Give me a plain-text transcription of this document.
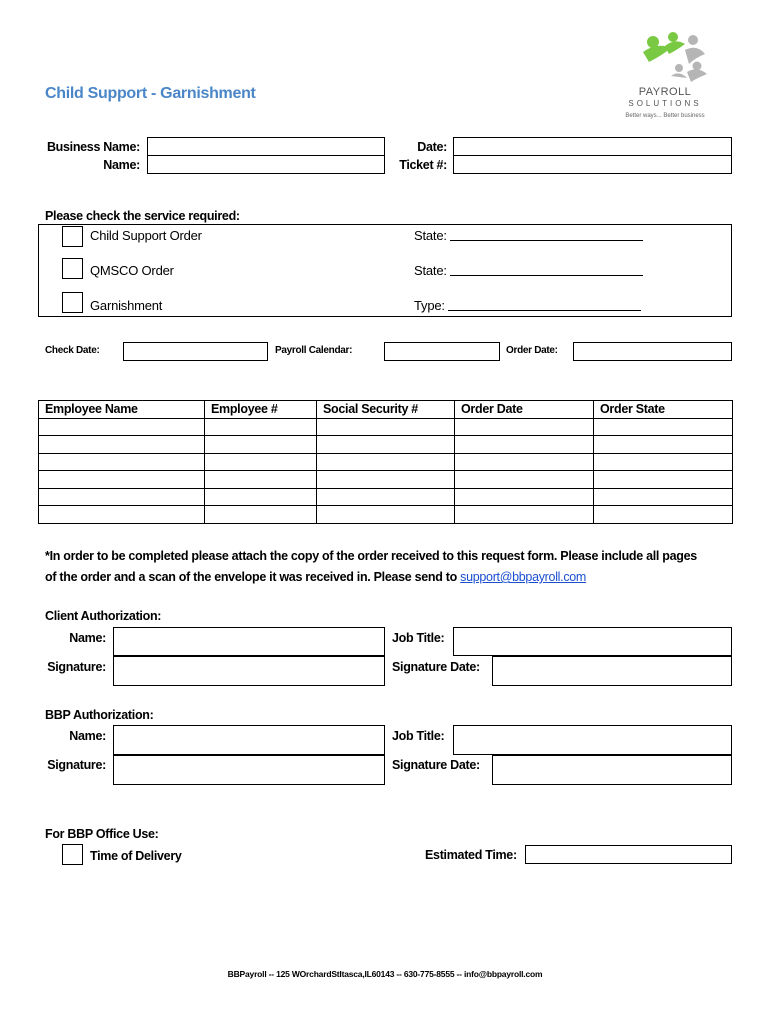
PAYROLL
SOLUTIONS
Better ways... Better business
Child Support - Garnishment
Business Name:
Name:
Date:
Ticket #:
Please check the service required:
Child Support Order	State:
QMSCO Order	State:
Garnishment	Type:
Check Date:	Payroll Calendar:	Order Date:
Employee Name	Employee #	Social Security #	Order Date	Order State

*In order to be completed please attach the copy of the order received to this request form. Please include all pages
of the order and a scan of the envelope it was received in. Please send to support@bbpayroll.com
Client Authorization:
Name:	Job Title:
Signature:	Signature Date:
BBP Authorization:
Name:	Job Title:
Signature:	Signature Date:
For BBP Office Use:
Time of Delivery	Estimated Time:
BBPayroll -- 125 WOrchardStItasca,IL60143 -- 630-775-8555 -- info@bbpayroll.com
